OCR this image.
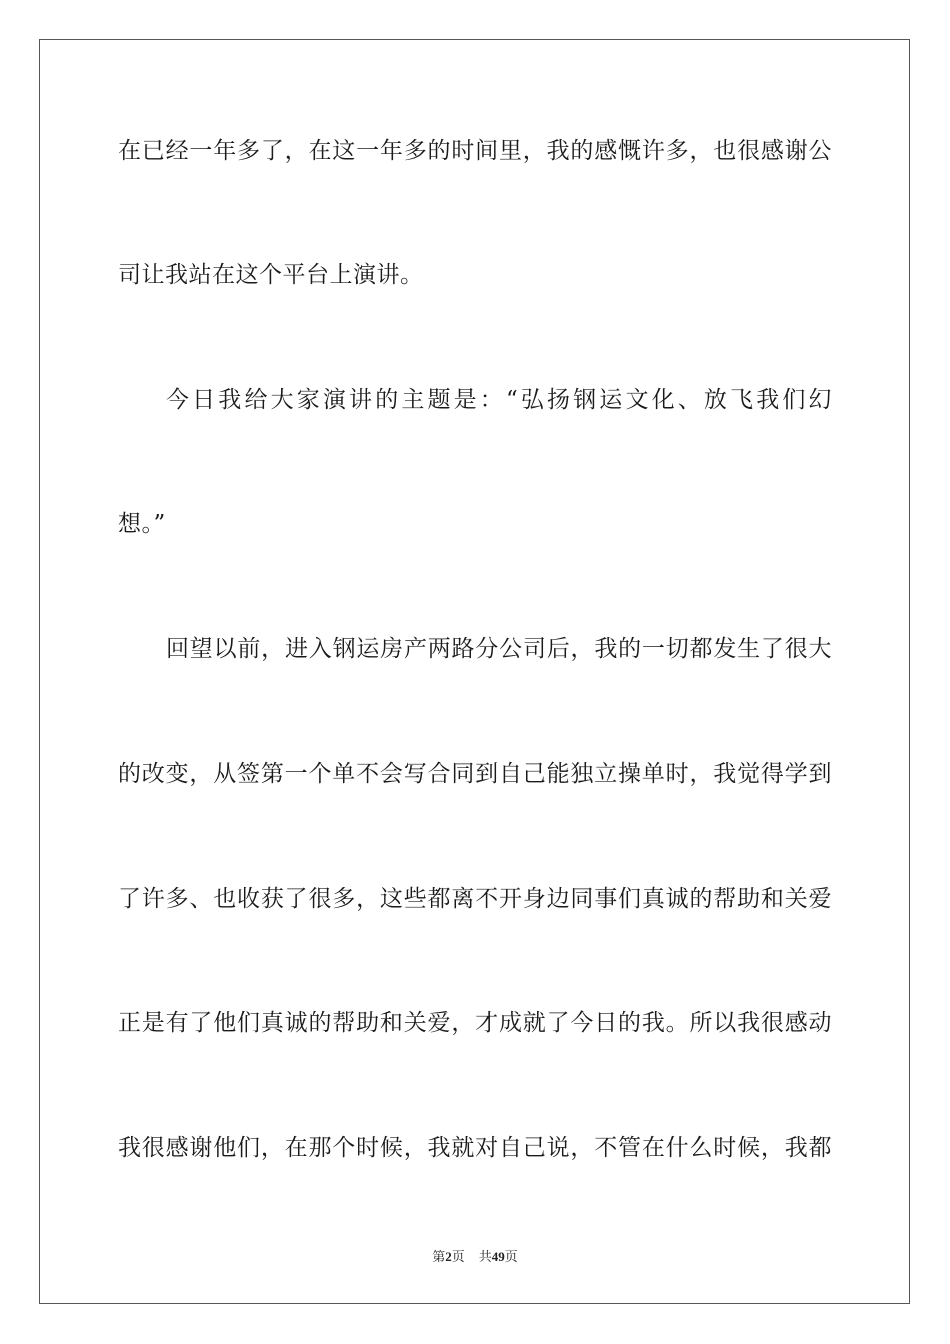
在已经一年多了，在这一年多的时间里，我的感慨许多，也很感谢公
司让我站在这个平台上演讲。
今日我给大家演讲的主题是：“弘扬钢运文化、放飞我们幻
想。”
回望以前，进入钢运房产两路分公司后，我的一切都发生了很大
的改变，从签第一个单不会写合同到自己能独立操单时，我觉得学到
了许多、也收获了很多，这些都离不开身边同事们真诚的帮助和关爱
正是有了他们真诚的帮助和关爱，才成就了今日的我。所以我很感动
我很感谢他们，在那个时候，我就对自己说，不管在什么时候，我都
第2页 共49页
